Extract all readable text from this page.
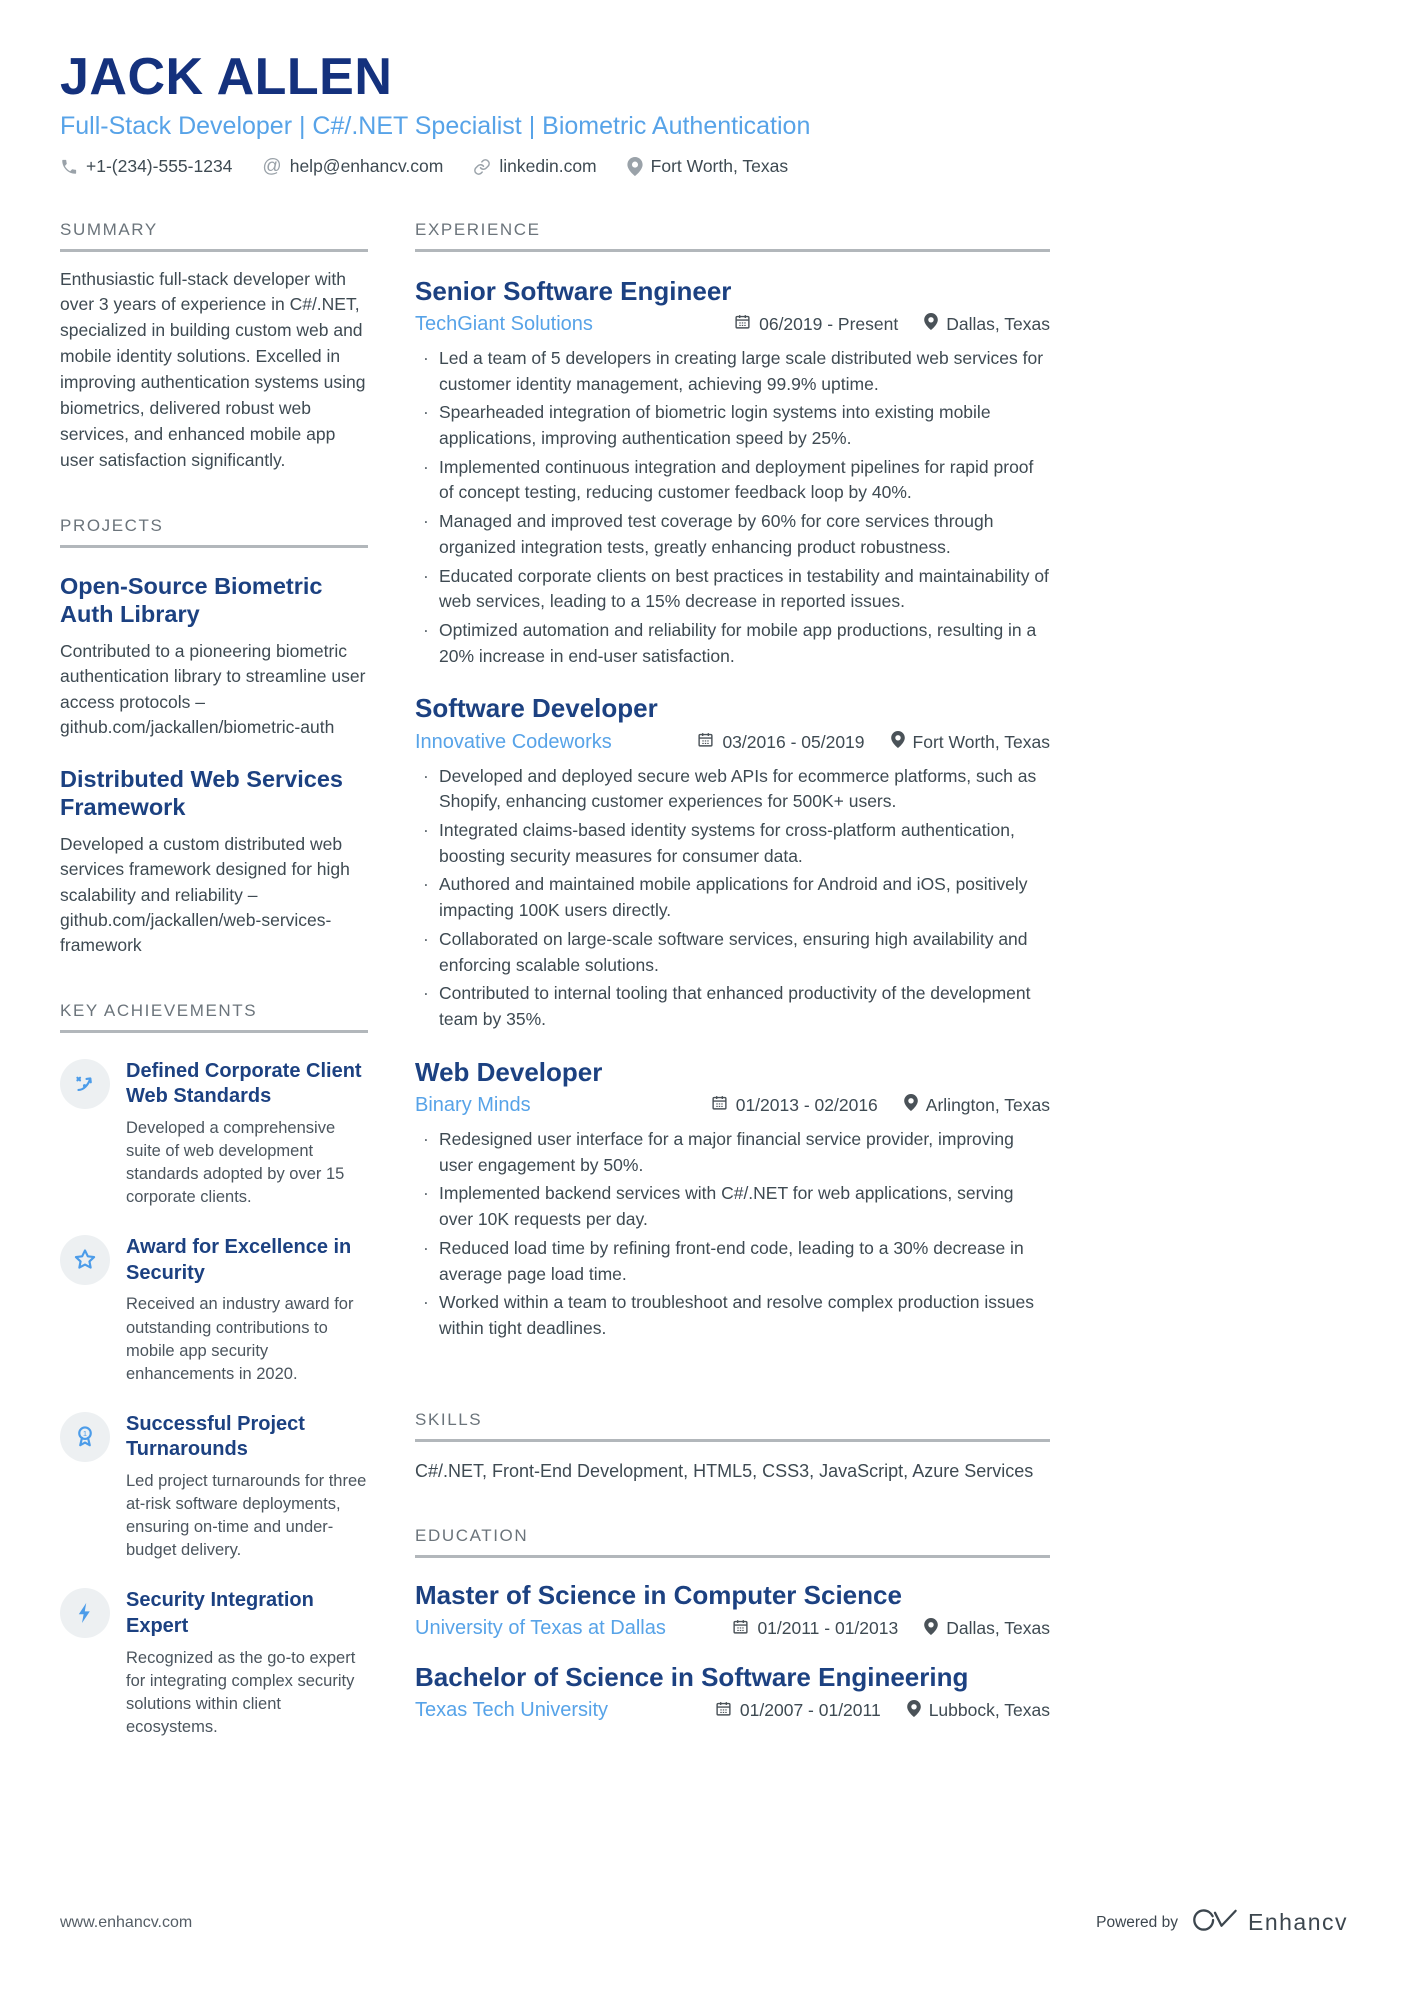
JACK ALLEN
Full-Stack Developer | C#/.NET Specialist | Biometric Authentication
+1-(234)-555-1234 @ help@enhancv.com	linkedin.com	Fort Worth, Texas
SUMMARY

Enthusiastic full-stack developer with over 3 years of experience in C#/.NET, specialized in building custom web and mobile identity solutions. Excelled in improving authentication systems using biometrics, delivered robust web services, and enhanced mobile app user satisfaction significantly.

PROJECTS
Open-Source Biometric Auth Library

Contributed to a pioneering biometric authentication library to streamline user access protocols – github.com/jackallen/biometric-auth

Distributed Web Services Framework

Developed a custom distributed web services framework designed for high scalability and reliability – github.com/jackallen/web-services-framework

KEY ACHIEVEMENTS
Defined Corporate Client Web Standards

Developed a comprehensive suite of web development standards adopted by over 15 corporate clients.

Award for Excellence in Security

Received an industry award for outstanding contributions to mobile app security enhancements in 2020.

1 Successful Project Turnarounds

Led project turnarounds for three at-risk software deployments, ensuring on-time and under-budget delivery.

Security Integration Expert

Recognized as the go-to expert for integrating complex security solutions within client ecosystems.

EXPERIENCE
Senior Software Engineer
TechGiant Solutions	06/2019 - Present	Dallas, Texas
· Led a team of 5 developers in creating large scale distributed web services for customer identity management, achieving 99.9% uptime.
· Spearheaded integration of biometric login systems into existing mobile applications, improving authentication speed by 25%.
· Implemented continuous integration and deployment pipelines for rapid proof of concept testing, reducing customer feedback loop by 40%.
· Managed and improved test coverage by 60% for core services through organized integration tests, greatly enhancing product robustness.
· Educated corporate clients on best practices in testability and maintainability of web services, leading to a 15% decrease in reported issues.
· Optimized automation and reliability for mobile app productions, resulting in a 20% increase in end-user satisfaction.
Software Developer
Innovative Codeworks	03/2016 - 05/2019	Fort Worth, Texas
· Developed and deployed secure web APIs for ecommerce platforms, such as Shopify, enhancing customer experiences for 500K+ users.
· Integrated claims-based identity systems for cross-platform authentication, boosting security measures for consumer data.
· Authored and maintained mobile applications for Android and iOS, positively impacting 100K users directly.
· Collaborated on large-scale software services, ensuring high availability and enforcing scalable solutions.
· Contributed to internal tooling that enhanced productivity of the development team by 35%.
Web Developer
Binary Minds	01/2013 - 02/2016	Arlington, Texas
· Redesigned user interface for a major financial service provider, improving user engagement by 50%.
· Implemented backend services with C#/.NET for web applications, serving over 10K requests per day.
· Reduced load time by refining front-end code, leading to a 30% decrease in average page load time.
· Worked within a team to troubleshoot and resolve complex production issues within tight deadlines.
SKILLS

C#/.NET, Front-End Development, HTML5, CSS3, JavaScript, Azure Services

EDUCATION
Master of Science in Computer Science
University of Texas at Dallas	01/2011 - 01/2013	Dallas, Texas
Bachelor of Science in Software Engineering
Texas Tech University	01/2007 - 01/2011	Lubbock, Texas
www.enhancv.com	Powered by	Enhancv
